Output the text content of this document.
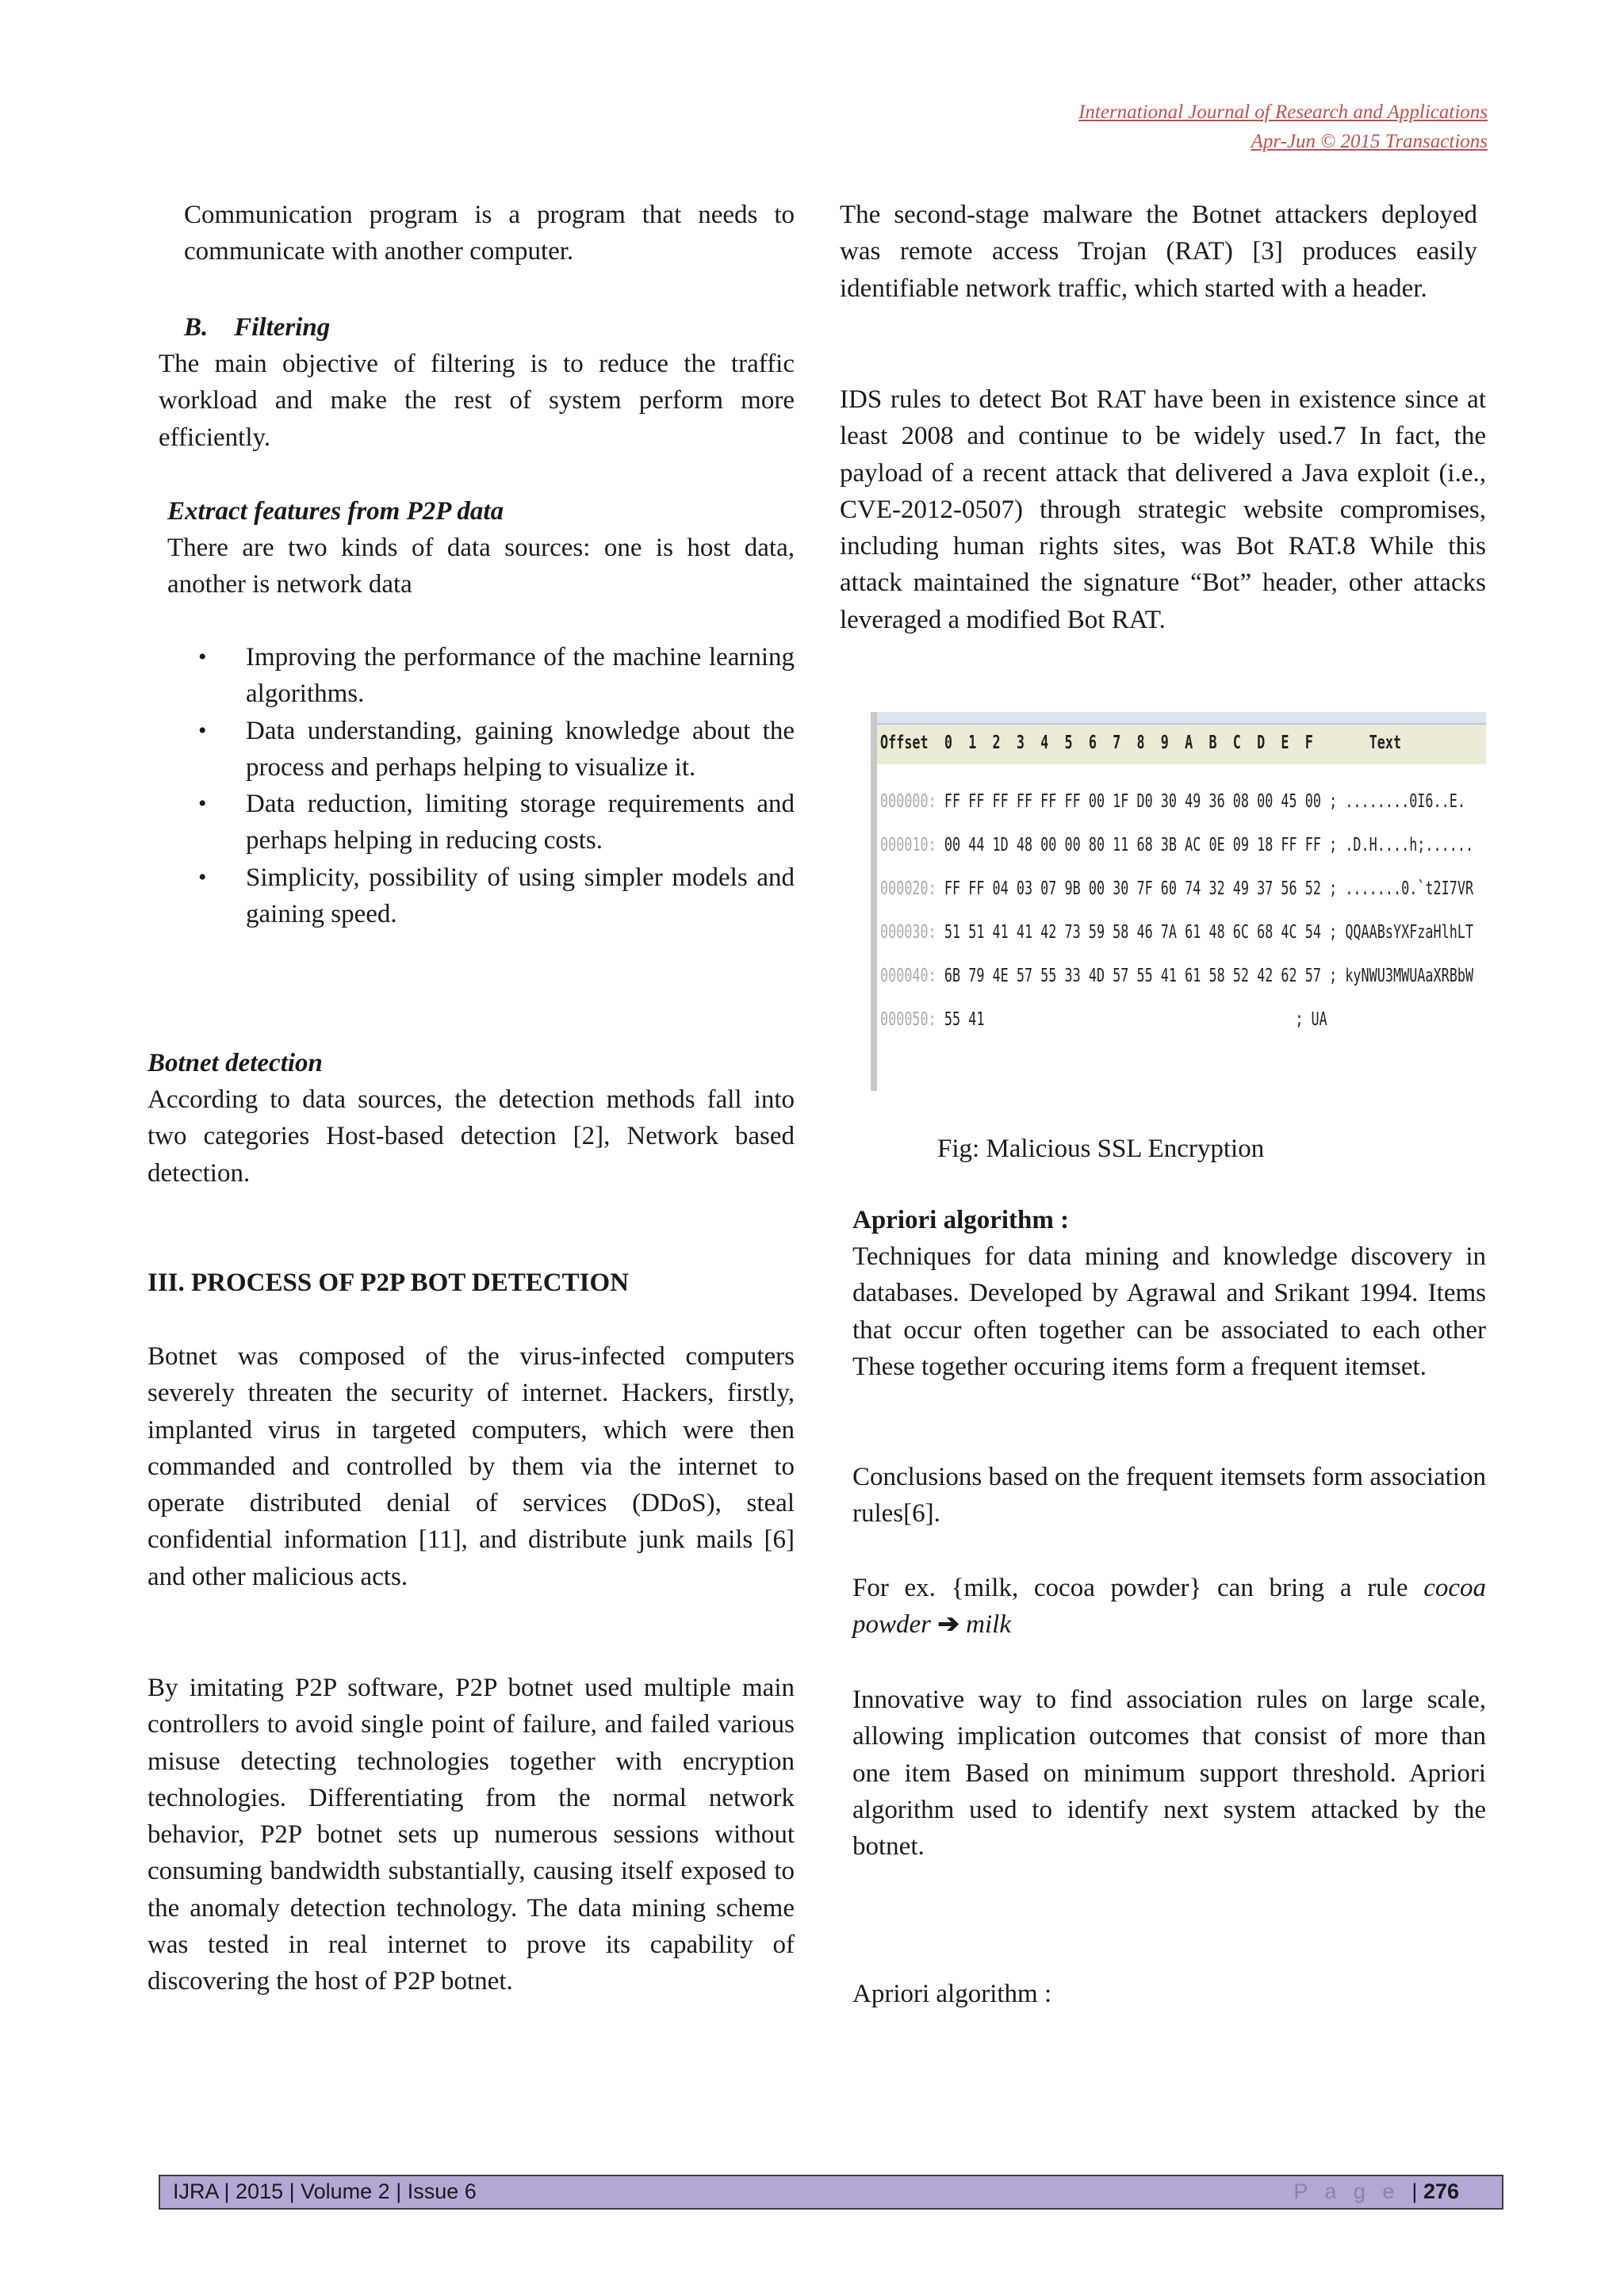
International Journal of Research and Applications
Apr-Jun © 2015 Transactions

Communication program is a program that needs to communicate with another computer.

B. Filtering

The main objective of filtering is to reduce the traffic workload and make the rest of system perform more efficiently.

Extract features from P2P data

There are two kinds of data sources: one is host data, another is network data

• Improving the performance of the machine learning algorithms.
• Data understanding, gaining knowledge about the process and perhaps helping to visualize it.
• Data reduction, limiting storage requirements and perhaps helping in reducing costs.
• Simplicity, possibility of using simpler models and gaining speed.
Botnet detection

According to data sources, the detection methods fall into two categories Host-based detection [2], Network based detection.

III. PROCESS OF P2P BOT DETECTION

Botnet was composed of the virus-infected computers severely threaten the security of internet. Hackers, firstly, implanted virus in targeted computers, which were then commanded and controlled by them via the internet to operate distributed denial of services (DDoS), steal confidential information [11], and distribute junk mails [6] and other malicious acts.

By imitating P2P software, P2P botnet used multiple main controllers to avoid single point of failure, and failed various misuse detecting technologies together with encryption technologies. Differentiating from the normal network behavior, P2P botnet sets up numerous sessions without consuming bandwidth substantially, causing itself exposed to the anomaly detection technology. The data mining scheme was tested in real internet to prove its capability of discovering the host of P2P botnet.

The second-stage malware the Botnet attackers deployed was remote access Trojan (RAT) [3] produces easily identifiable network traffic, which started with a header.

IDS rules to detect Bot RAT have been in existence since at least 2008 and continue to be widely used.7 In fact, the payload of a recent attack that delivered a Java exploit (i.e., CVE-2012-0507) through strategic website compromises, including human rights sites, was Bot RAT.8 While this attack maintained the signature “Bot” header, other attacks leveraged a modified Bot RAT.

Offset  0  1  2  3  4  5  6  7  8  9  A  B  C  D  E  F       Text
000000: FF FF FF FF FF FF 00 1F D0 30 49 36 08 00 45 00 ; ........0I6..E.
000010: 00 44 1D 48 00 00 80 11 68 3B AC 0E 09 18 FF FF ; .D.H....h;......
000020: FF FF 04 03 07 9B 00 30 7F 60 74 32 49 37 56 52 ; .......0.`t2I7VR
000030: 51 51 41 41 42 73 59 58 46 7A 61 48 6C 68 4C 54 ; QQAABsYXFzaHlhLT
000040: 6B 79 4E 57 55 33 4D 57 55 41 61 58 52 42 62 57 ; kyNWU3MWUAaXRBbW
000050: 55 41	; UA
Fig: Malicious SSL Encryption
Apriori algorithm :

Techniques for data mining and knowledge discovery in databases. Developed by Agrawal and Srikant 1994. Items that occur often together can be associated to each other These together occuring items form a frequent itemset.

Conclusions based on the frequent itemsets form association rules[6].

For ex. {milk, cocoa powder} can bring a rule cocoa powder ➔ milk

Innovative way to find association rules on large scale, allowing implication outcomes that consist of more than one item Based on minimum support threshold. Apriori algorithm used to identify next system attacked by the botnet.

Apriori algorithm :
IJRA | 2015 | Volume 2 | Issue 6	P a g e | 276
